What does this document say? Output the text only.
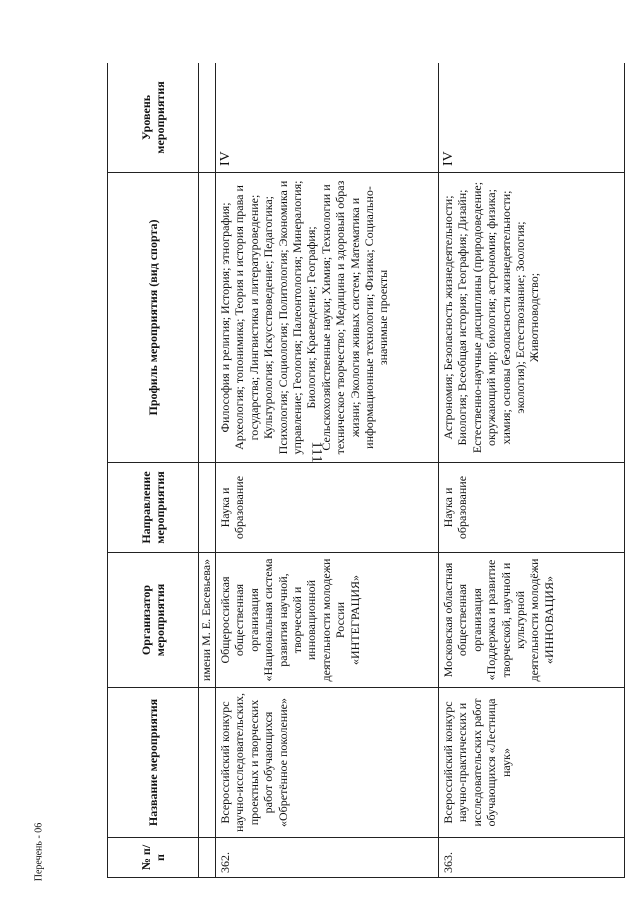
111
Перечень - 06	№ п/п	Название мероприятия	Организатор мероприятия	Направление мероприятия	Профиль мероприятия (вид спорта)	Уровень мероприятия
		имени М. Е. Евсевьева»			
362.	Всероссийский конкурс научно-исследовательских, проектных и творческих работ обучающихся «Обретённое поколение»	Общероссийская общественная организация «Национальная система развития научной, творческой и инновационной деятельности молодежи России «ИНТЕГРАЦИЯ»	Наука и образование	Философия и религия; История; этнография; Археология; топонимика; Теория и история права и государства; Лингвистика и литературоведение; Культурология; Искусствоведение; Педагогика; Психология; Социология; Политология; Экономика и управление; Геология; Палеонтология; Минералогия; Биология; Краеведение; География; Сельскохозяйственные науки; Химия; Технологии и техническое творчество; Медицина и здоровый образ жизни; Экология живых систем; Математика и информационные технологии; Физика; Социально-значимые проекты	IV
363.	Всероссийский конкурс научно-практических и исследовательских работ обучающихся «Лестница наук»	Московская областная общественная организация «Поддержка и развитие творческой, научной и культурной деятельности молодёжи «ИННОВАЦИЯ»	Наука и образование	Астрономия; Безопасность жизнедеятельности; Биология; Всеобщая история; География; Дизайн; Естественно-научные дисциплины (природоведение; окружающий мир; биология; астрономия; физика; химия; основы безопасности жизнедеятельности; экология); Естествознание; Зоология; Животноводство;	IV
